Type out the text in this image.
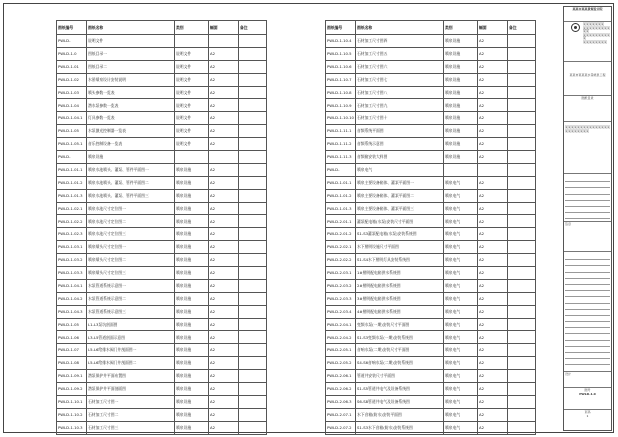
图纸编号	图纸名称	类别	幅面	备注
PWLD-	说明文件			
PWLD-1.0	图纸目录一	说明文件	A2	
PWLD-1.01	图纸目录二	说明文件	A2	
PWLD-1.02	水景喷泉设计安装说明	说明文件	A2	
PWLD-1.03	喷头参数一览表	说明文件	A2	
PWLD-1.04	潜水泵参数一览表	说明文件	A2	
PWLD-1.04.1	灯具参数一览表	说明文件	A2	
PWLD-1.05	水泵激光控制器一览表	说明文件	A2	
PWLD-1.05.1	音乐控制设备一览表	说明文件	A2	
PWLD-	喷泉设施			
PWLD-1.01.1	喷泉水池喷头、灌泵、管件平面图一	喷泉设施	A2	
PWLD-1.01.2	喷泉水池喷头、灌泵、管件平面图二	喷泉设施	A2	
PWLD-1.01.3	喷泉水池喷头、灌泵、管件平面图三	喷泉设施	A2	
PWLD-1.02.1	喷泉水池尺寸定位图一	喷泉设施	A2	
PWLD-1.02.2	喷泉水池尺寸定位图二	喷泉设施	A2	
PWLD-1.02.3	喷泉水池尺寸定位图三	喷泉设施	A2	
PWLD-1.03.1	喷泉喷头尺寸定位图一	喷泉设施	A2	
PWLD-1.03.2	喷泉喷头尺寸定位图二	喷泉设施	A2	
PWLD-1.03.3	喷泉喷头尺寸定位图三	喷泉设施	A2	
PWLD-1.04.1	水泵管道系统示意图一	喷泉设施	A2	
PWLD-1.04.2	水泵管道系统示意图二	喷泉设施	A2	
PWLD-1.04.3	水泵管道系统示意图三	喷泉设施	A2	
PWLD-1.05	L1-L3泵坑剖面图	喷泉设施	A2	
PWLD-1.06	L3-L5管道剖面示意图	喷泉设施	A2	
PWLD-1.07	L5-L6给排水阀门井剖面图一	喷泉设施	A2	
PWLD-1.08	L5-L6给排水阀门井剖面图二	喷泉设施	A2	
PWLD-1.09.1	潜泵保护井平面布置图	喷泉设施	A2	
PWLD-1.09.2	潜泵保护井平面剖面图	喷泉设施	A2	
PWLD-1.10.1	石材加工尺寸图一	喷泉设施	A2	
PWLD-1.10.2	石材加工尺寸图二	喷泉设施	A2	
PWLD-1.10.3	石材加工尺寸图三	喷泉设施	A2	
图纸编号	图纸名称	类别	幅面	备注
PWLD-1.10.4	石材加工尺寸图四	喷泉设施	A2	
PWLD-1.10.5	石材加工尺寸图五	喷泉设施	A2	
PWLD-1.10.6	石材加工尺寸图六	喷泉设施	A2	
PWLD-1.10.7	石材加工尺寸图七	喷泉设施	A2	
PWLD-1.10.8	石材加工尺寸图八	喷泉设施	A2	
PWLD-1.10.9	石材加工尺寸图九	喷泉设施	A2	
PWLD-1.10.10	石材加工尺寸图十	喷泉设施	A2	
PWLD-1.11.1	音频系统平面图	喷泉设施	A2	
PWLD-1.11.2	音频系统示意图	喷泉设施	A2	
PWLD-1.11.3	音频箱安装大样图	喷泉设施	A2	
PWLD-	喷泉电气			
PWLD-1.01.1	喷泉主要设备箱体、灌泵平面图一	喷泉电气	A2	
PWLD-1.01.2	喷泉主要设备箱体、灌泵平面图二	喷泉电气	A2	
PWLD-1.01.3	喷泉主要设备箱体、灌泵平面图三	喷泉电气	A2	
PWLD-2.01.1	灌泵配电箱(水泵)安装尺寸平面图	喷泉电气	A2	
PWLD-2.01.2	S1-S3灌泵配电箱(水泵)安装系统图	喷泉电气	A2	
PWLD-2.02.1	水下照明设施尺寸平面图	喷泉电气	A2	
PWLD-2.02.2	S1-S4水下照明灯具安装系统图	喷泉电气	A2	
PWLD-2.03.1	1#照明配电箱供水系统图	喷泉电气	A2	
PWLD-2.03.2	2#照明配电箱供水系统图	喷泉电气	A2	
PWLD-2.03.3	3#照明配电箱供水系统图	喷泉电气	A2	
PWLD-2.03.4	4#照明配电箱供水系统图	喷泉电气	A2	
PWLD-2.04.1	变频水泵(一期)安装尺寸平面图	喷泉电气	A2	
PWLD-2.04.2	S1-S3变频水泵(一期)安装系统图	喷泉电气	A2	
PWLD-2.05.1	音响水泵(二期)安装尺寸平面图	喷泉电气	A2	
PWLD-2.05.2	S4-S6音响水泵(二期)安装系统图	喷泉电气	A2	
PWLD-2.06.1	管道井安装尺寸平面图	喷泉电气	A2	
PWLD-2.06.2	S1-S5管道井电气及设备系统图	喷泉电气	A2	
PWLD-2.06.3	S6-S8管道井电气及设备系统图	喷泉电气	A2	
PWLD-2.07.1	水下音箱(防水)安装平面图	喷泉电气	A2	
PWLD-2.07.2	S1-S3水下音箱(防水)安装系统图	喷泉电气	A2	
某某市某某景观设计院
某某某某某某某
某某某某某某某某某某某
某某某某某某某某某某
某某某某某某某某
某某市某某某水景喷泉工程
图纸目录
某某某某某某某某某某某某某某某某某某某某某某某
签章
设计
图号
PWLD-1.0
页码
1
